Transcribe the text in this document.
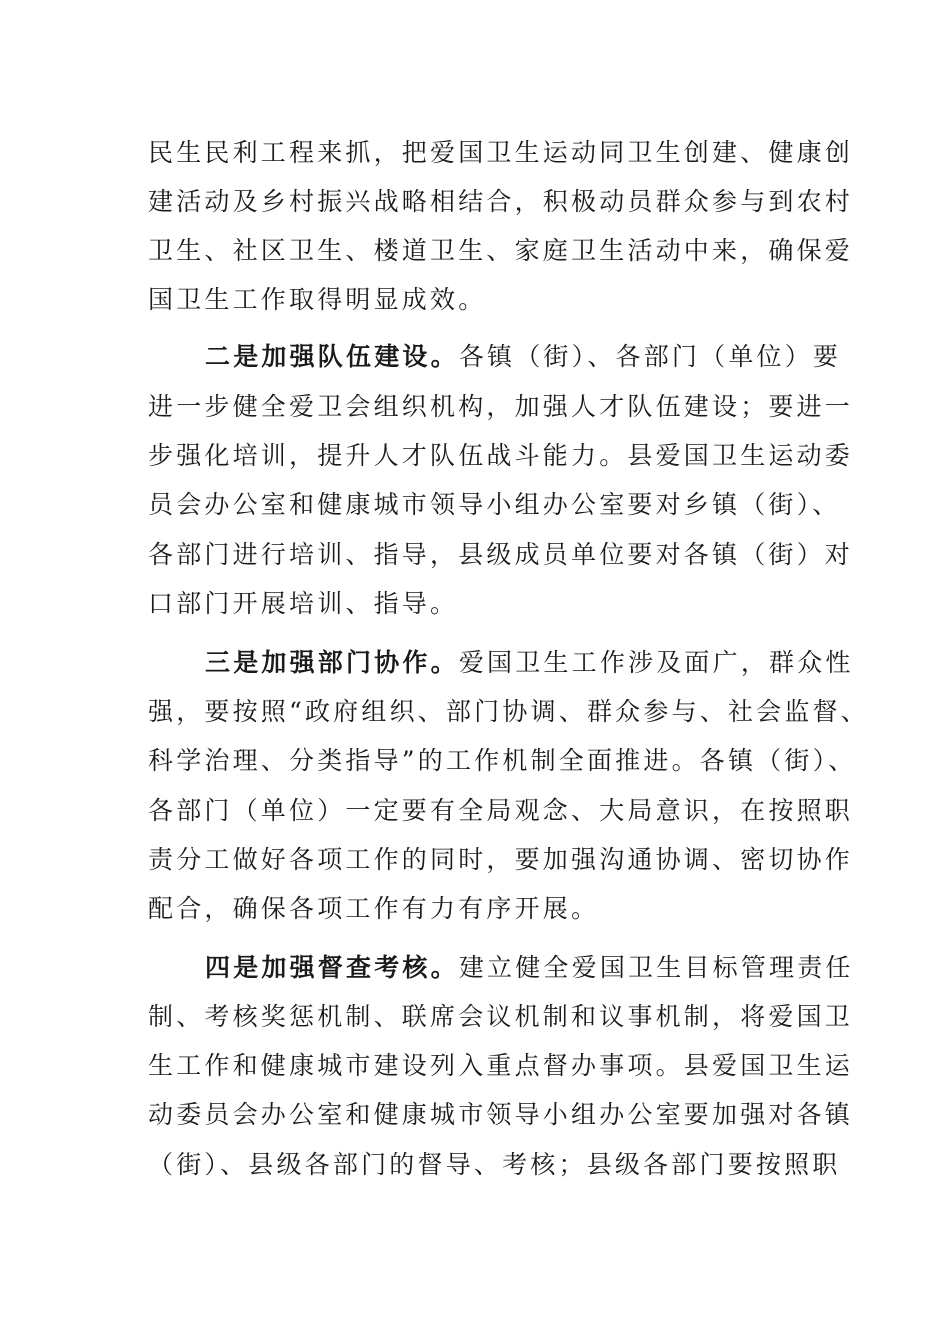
民生民利工程来抓，把爱国卫生运动同卫生创建、健康创
建活动及乡村振兴战略相结合，积极动员群众参与到农村
卫生、社区卫生、楼道卫生、家庭卫生活动中来，确保爱
国卫生工作取得明显成效。
二是加强队伍建设。各镇（街）、各部门（单位）要
进一步健全爱卫会组织机构，加强人才队伍建设；要进一
步强化培训，提升人才队伍战斗能力。县爱国卫生运动委
员会办公室和健康城市领导小组办公室要对乡镇（街）、
各部门进行培训、指导，县级成员单位要对各镇（街）对
口部门开展培训、指导。
三是加强部门协作。爱国卫生工作涉及面广，群众性
强，要按照“政府组织、部门协调、群众参与、社会监督、
科学治理、分类指导”的工作机制全面推进。各镇（街）、
各部门（单位）一定要有全局观念、大局意识，在按照职
责分工做好各项工作的同时，要加强沟通协调、密切协作
配合，确保各项工作有力有序开展。
四是加强督查考核。建立健全爱国卫生目标管理责任
制、考核奖惩机制、联席会议机制和议事机制，将爱国卫
生工作和健康城市建设列入重点督办事项。县爱国卫生运
动委员会办公室和健康城市领导小组办公室要加强对各镇
（街）、县级各部门的督导、考核；县级各部门要按照职
